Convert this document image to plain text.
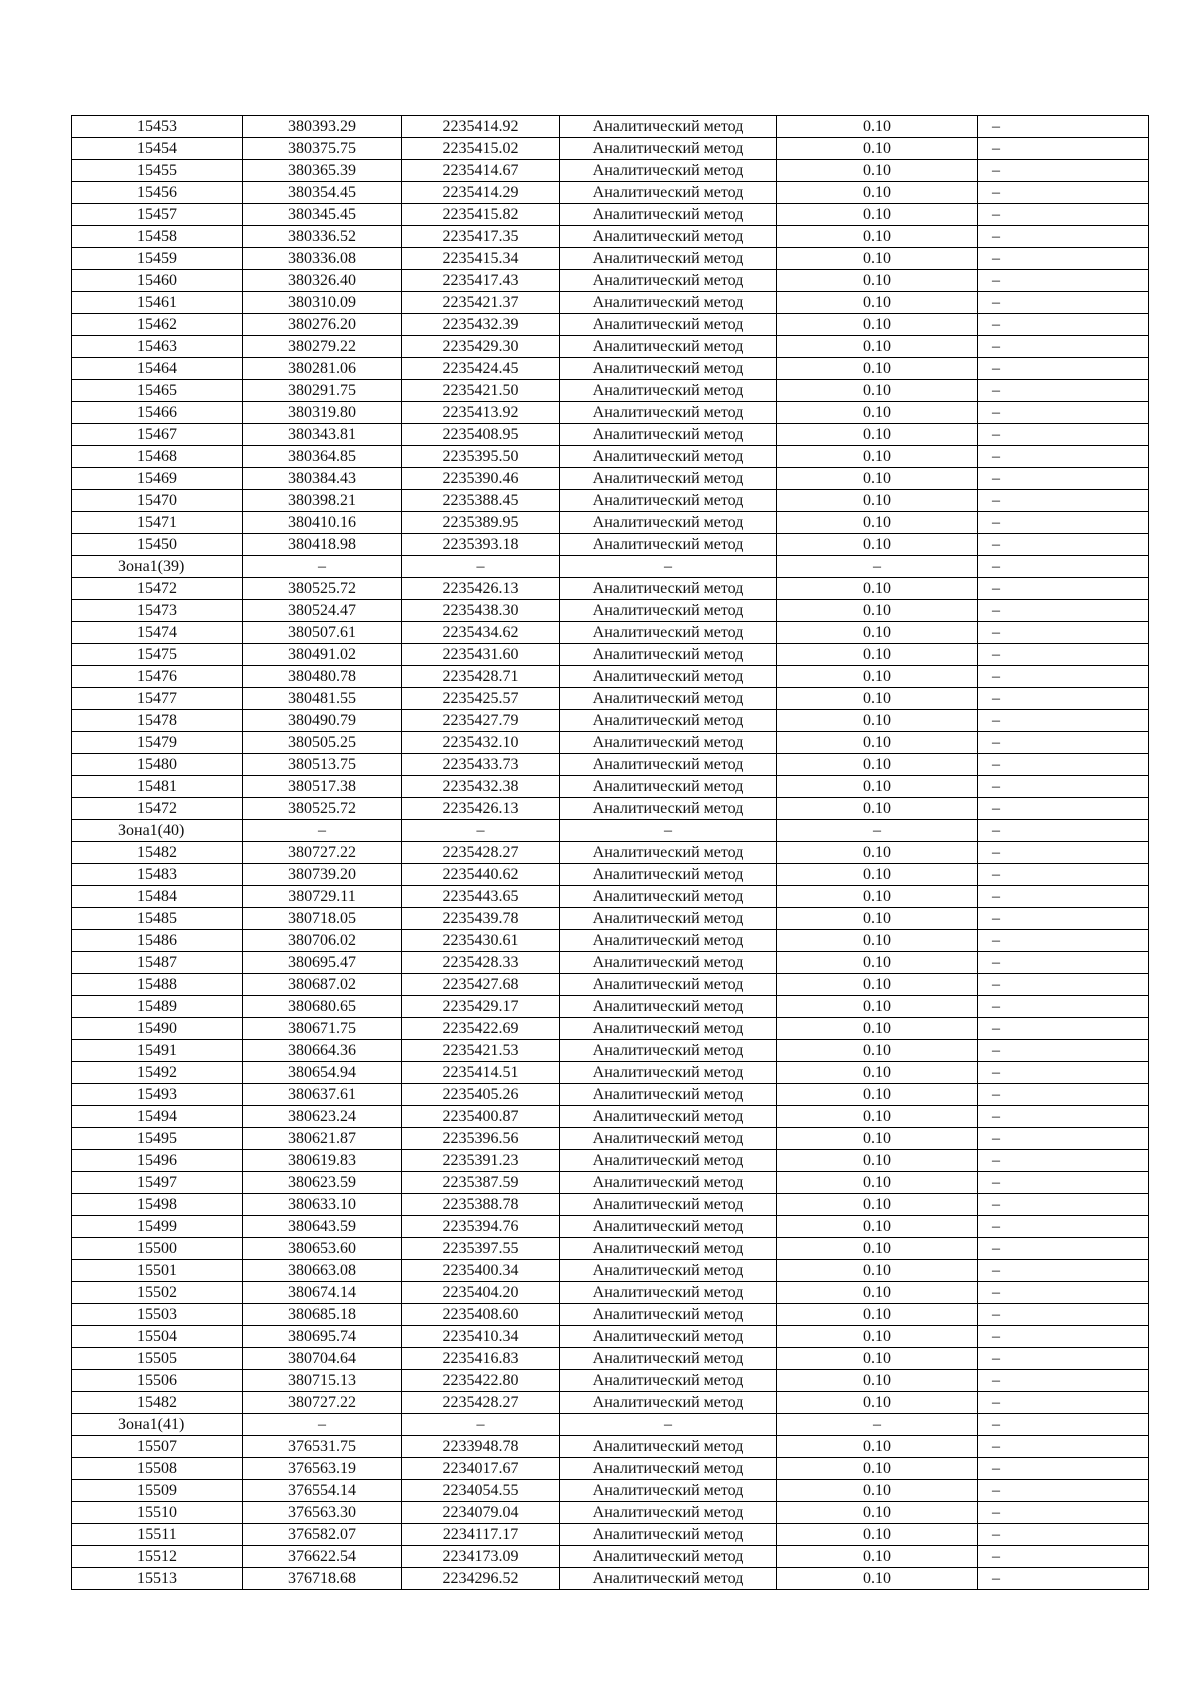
15453	380393.29	2235414.92	Аналитический метод	0.10	–
15454	380375.75	2235415.02	Аналитический метод	0.10	–
15455	380365.39	2235414.67	Аналитический метод	0.10	–
15456	380354.45	2235414.29	Аналитический метод	0.10	–
15457	380345.45	2235415.82	Аналитический метод	0.10	–
15458	380336.52	2235417.35	Аналитический метод	0.10	–
15459	380336.08	2235415.34	Аналитический метод	0.10	–
15460	380326.40	2235417.43	Аналитический метод	0.10	–
15461	380310.09	2235421.37	Аналитический метод	0.10	–
15462	380276.20	2235432.39	Аналитический метод	0.10	–
15463	380279.22	2235429.30	Аналитический метод	0.10	–
15464	380281.06	2235424.45	Аналитический метод	0.10	–
15465	380291.75	2235421.50	Аналитический метод	0.10	–
15466	380319.80	2235413.92	Аналитический метод	0.10	–
15467	380343.81	2235408.95	Аналитический метод	0.10	–
15468	380364.85	2235395.50	Аналитический метод	0.10	–
15469	380384.43	2235390.46	Аналитический метод	0.10	–
15470	380398.21	2235388.45	Аналитический метод	0.10	–
15471	380410.16	2235389.95	Аналитический метод	0.10	–
15450	380418.98	2235393.18	Аналитический метод	0.10	–
Зона1(39)	–	–	–	–	–
15472	380525.72	2235426.13	Аналитический метод	0.10	–
15473	380524.47	2235438.30	Аналитический метод	0.10	–
15474	380507.61	2235434.62	Аналитический метод	0.10	–
15475	380491.02	2235431.60	Аналитический метод	0.10	–
15476	380480.78	2235428.71	Аналитический метод	0.10	–
15477	380481.55	2235425.57	Аналитический метод	0.10	–
15478	380490.79	2235427.79	Аналитический метод	0.10	–
15479	380505.25	2235432.10	Аналитический метод	0.10	–
15480	380513.75	2235433.73	Аналитический метод	0.10	–
15481	380517.38	2235432.38	Аналитический метод	0.10	–
15472	380525.72	2235426.13	Аналитический метод	0.10	–
Зона1(40)	–	–	–	–	–
15482	380727.22	2235428.27	Аналитический метод	0.10	–
15483	380739.20	2235440.62	Аналитический метод	0.10	–
15484	380729.11	2235443.65	Аналитический метод	0.10	–
15485	380718.05	2235439.78	Аналитический метод	0.10	–
15486	380706.02	2235430.61	Аналитический метод	0.10	–
15487	380695.47	2235428.33	Аналитический метод	0.10	–
15488	380687.02	2235427.68	Аналитический метод	0.10	–
15489	380680.65	2235429.17	Аналитический метод	0.10	–
15490	380671.75	2235422.69	Аналитический метод	0.10	–
15491	380664.36	2235421.53	Аналитический метод	0.10	–
15492	380654.94	2235414.51	Аналитический метод	0.10	–
15493	380637.61	2235405.26	Аналитический метод	0.10	–
15494	380623.24	2235400.87	Аналитический метод	0.10	–
15495	380621.87	2235396.56	Аналитический метод	0.10	–
15496	380619.83	2235391.23	Аналитический метод	0.10	–
15497	380623.59	2235387.59	Аналитический метод	0.10	–
15498	380633.10	2235388.78	Аналитический метод	0.10	–
15499	380643.59	2235394.76	Аналитический метод	0.10	–
15500	380653.60	2235397.55	Аналитический метод	0.10	–
15501	380663.08	2235400.34	Аналитический метод	0.10	–
15502	380674.14	2235404.20	Аналитический метод	0.10	–
15503	380685.18	2235408.60	Аналитический метод	0.10	–
15504	380695.74	2235410.34	Аналитический метод	0.10	–
15505	380704.64	2235416.83	Аналитический метод	0.10	–
15506	380715.13	2235422.80	Аналитический метод	0.10	–
15482	380727.22	2235428.27	Аналитический метод	0.10	–
Зона1(41)	–	–	–	–	–
15507	376531.75	2233948.78	Аналитический метод	0.10	–
15508	376563.19	2234017.67	Аналитический метод	0.10	–
15509	376554.14	2234054.55	Аналитический метод	0.10	–
15510	376563.30	2234079.04	Аналитический метод	0.10	–
15511	376582.07	2234117.17	Аналитический метод	0.10	–
15512	376622.54	2234173.09	Аналитический метод	0.10	–
15513	376718.68	2234296.52	Аналитический метод	0.10	–
